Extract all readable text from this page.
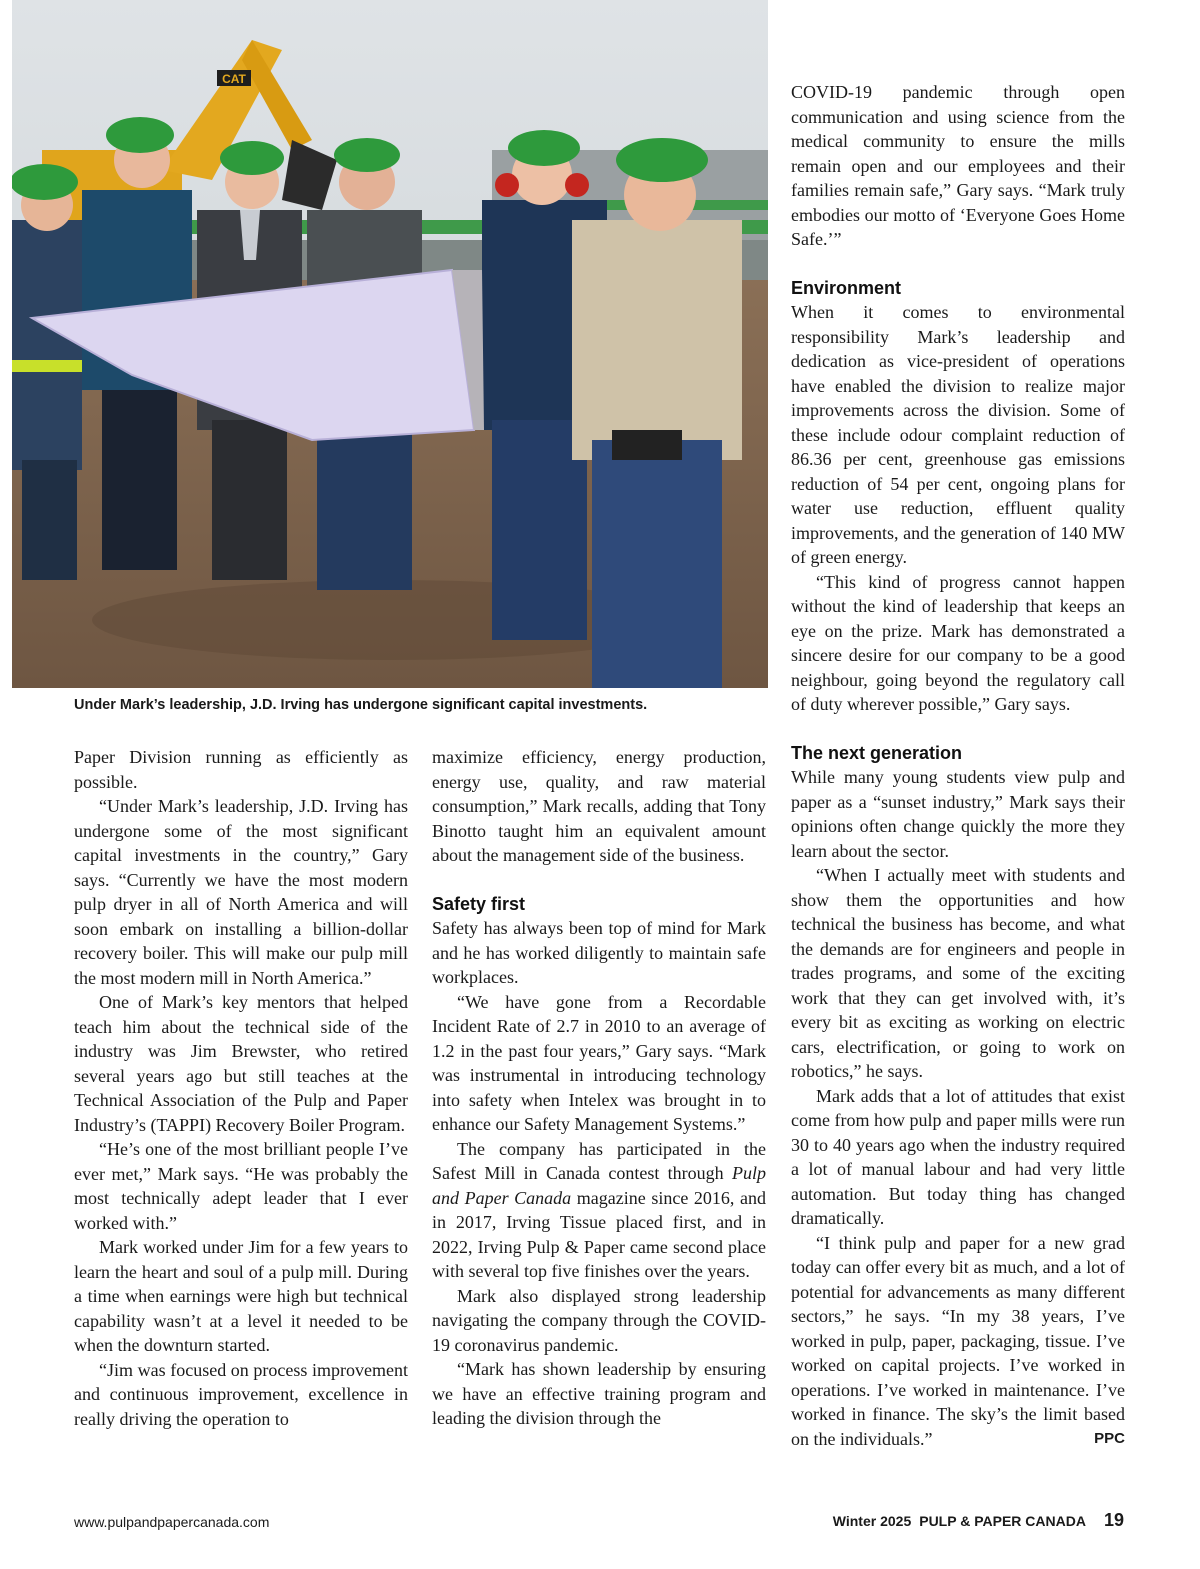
CAT
Under Mark’s leadership, J.D. Irving has undergone significant capital investments.

Paper Division running as efficiently as possible.

“Under Mark’s leadership, J.D. Irving has undergone some of the most significant capital investments in the country,” Gary says. “Currently we have the most modern pulp dryer in all of North America and will soon embark on installing a billion-dollar recovery boiler. This will make our pulp mill the most modern mill in North America.”

One of Mark’s key mentors that helped teach him about the technical side of the industry was Jim Brewster, who retired several years ago but still teaches at the Technical Association of the Pulp and Paper Industry’s (TAPPI) Recovery Boiler Program.

“He’s one of the most brilliant people I’ve ever met,” Mark says. “He was probably the most technically adept leader that I ever worked with.”

Mark worked under Jim for a few years to learn the heart and soul of a pulp mill. During a time when earnings were high but technical capability wasn’t at a level it needed to be when the downturn started.

“Jim was focused on process improvement and continuous improvement, excellence in really driving the operation to

maximize efficiency, energy production, energy use, quality, and raw material consumption,” Mark recalls, adding that Tony Binotto taught him an equivalent amount about the management side of the business.

Safety first

Safety has always been top of mind for Mark and he has worked diligently to maintain safe workplaces.

“We have gone from a Recordable Incident Rate of 2.7 in 2010 to an average of 1.2 in the past four years,” Gary says. “Mark was instrumental in introducing technology into safety when Intelex was brought in to enhance our Safety Management Systems.”

The company has participated in the Safest Mill in Canada contest through Pulp and Paper Canada magazine since 2016, and in 2017, Irving Tissue placed first, and in 2022, Irving Pulp & Paper came second place with several top five finishes over the years.

Mark also displayed strong leadership navigating the company through the COVID-19 coronavirus pandemic.

“Mark has shown leadership by ensuring we have an effective training program and leading the division through the

COVID-19 pandemic through open communication and using science from the medical community to ensure the mills remain open and our employees and their families remain safe,” Gary says. “Mark truly embodies our motto of ‘Everyone Goes Home Safe.’”

Environment

When it comes to environmental responsibility Mark’s leadership and dedication as vice-president of operations have enabled the division to realize major improvements across the division. Some of these include odour complaint reduction of 86.36 per cent, greenhouse gas emissions reduction of 54 per cent, ongoing plans for water use reduction, effluent quality improvements, and the generation of 140 MW of green energy.

“This kind of progress cannot happen without the kind of leadership that keeps an eye on the prize. Mark has demonstrated a sincere desire for our company to be a good neighbour, going beyond the regulatory call of duty wherever possible,” Gary says.

The next generation

While many young students view pulp and paper as a “sunset industry,” Mark says their opinions often change quickly the more they learn about the sector.

“When I actually meet with students and show them the opportunities and how technical the business has become, and what the demands are for engineers and people in trades programs, and some of the exciting work that they can get involved with, it’s every bit as exciting as working on electric cars, electrification, or going to work on robotics,” he says.

Mark adds that a lot of attitudes that exist come from how pulp and paper mills were run 30 to 40 years ago when the industry required a lot of manual labour and had very little automation. But today thing has changed dramatically.

“I think pulp and paper for a new grad today can offer every bit as much, and a lot of potential for advancements as many different sectors,” he says. “In my 38 years, I’ve worked in pulp, paper, packaging, tissue. I’ve worked on capital projects. I’ve worked in operations. I’ve worked in maintenance. I’ve worked in finance. The sky’s the limit based on the individuals.”	PPC

www.pulpandpapercanada.com	Winter 2025 PULP & PAPER CANADA 19
